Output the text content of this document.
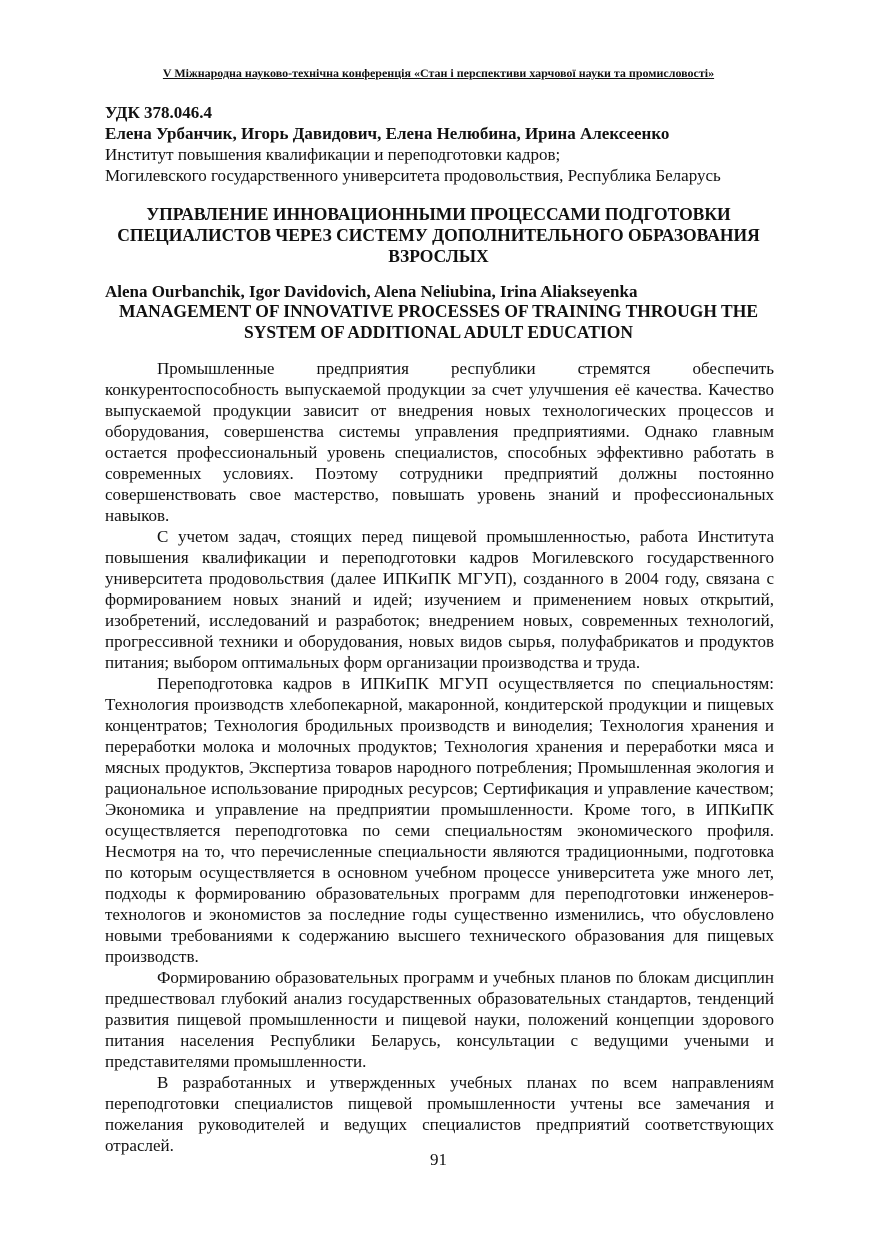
V Міжнародна науково-технічна конференція «Стан і перспективи харчової науки та промисловості»
УДК 378.046.4
Елена Урбанчик, Игорь Давидович, Елена Нелюбина, Ирина Алексеенко
Институт повышения квалификации и переподготовки кадров;
Могилевского государственного университета продовольствия, Республика Беларусь
УПРАВЛЕНИЕ ИННОВАЦИОННЫМИ ПРОЦЕССАМИ ПОДГОТОВКИ СПЕЦИАЛИСТОВ ЧЕРЕЗ СИСТЕМУ ДОПОЛНИТЕЛЬНОГО ОБРАЗОВАНИЯ ВЗРОСЛЫХ
Alena Ourbanchik, Igor Davidovich, Alena Neliubina, Irina Aliakseyenka
MANAGEMENT OF INNOVATIVE PROCESSES OF TRAINING THROUGH THE SYSTEM OF ADDITIONAL ADULT EDUCATION

Промышленные предприятия республики стремятся обеспечить конкурентоспособность выпускаемой продукции за счет улучшения её качества. Качество выпускаемой продукции зависит от внедрения новых технологических процессов и оборудования, совершенства системы управления предприятиями. Однако главным остается профессиональный уровень специалистов, способных эффективно работать в современных условиях. Поэтому сотрудники предприятий должны постоянно совершенствовать свое мастерство, повышать уровень знаний и профессиональных навыков.

С учетом задач, стоящих перед пищевой промышленностью, работа Института повышения квалификации и переподготовки кадров Могилевского государственного университета продовольствия (далее ИПКиПК МГУП), созданного в 2004 году, связана с формированием новых знаний и идей; изучением и применением новых открытий, изобретений, исследований и разработок; внедрением новых, современных технологий, прогрессивной техники и оборудования, новых видов сырья, полуфабрикатов и продуктов питания; выбором оптимальных форм организации производства и труда.

Переподготовка кадров в ИПКиПК МГУП осуществляется по специальностям: Технология производств хлебопекарной, макаронной, кондитерской продукции и пищевых концентратов; Технология бродильных производств и виноделия; Технология хранения и переработки молока и молочных продуктов; Технология хранения и переработки мяса и мясных продуктов, Экспертиза товаров народного потребления; Промышленная экология и рациональное использование природных ресурсов; Сертификация и управление качеством; Экономика и управление на предприятии промышленности. Кроме того, в ИПКиПК осуществляется переподготовка по семи специальностям экономического профиля. Несмотря на то, что перечисленные специальности являются традиционными, подготовка по которым осуществляется в основном учебном процессе университета уже много лет, подходы к формированию образовательных программ для переподготовки инженеров-технологов и экономистов за последние годы существенно изменились, что обусловлено новыми требованиями к содержанию высшего технического образования для пищевых производств.

Формированию образовательных программ и учебных планов по блокам дисциплин предшествовал глубокий анализ государственных образовательных стандартов, тенденций развития пищевой промышленности и пищевой науки, положений концепции здорового питания населения Республики Беларусь, консультации с ведущими учеными и представителями промышленности.

В разработанных и утвержденных учебных планах по всем направлениям переподготовки специалистов пищевой промышленности учтены все замечания и пожелания руководителей и ведущих специалистов предприятий соответствующих отраслей.

91
